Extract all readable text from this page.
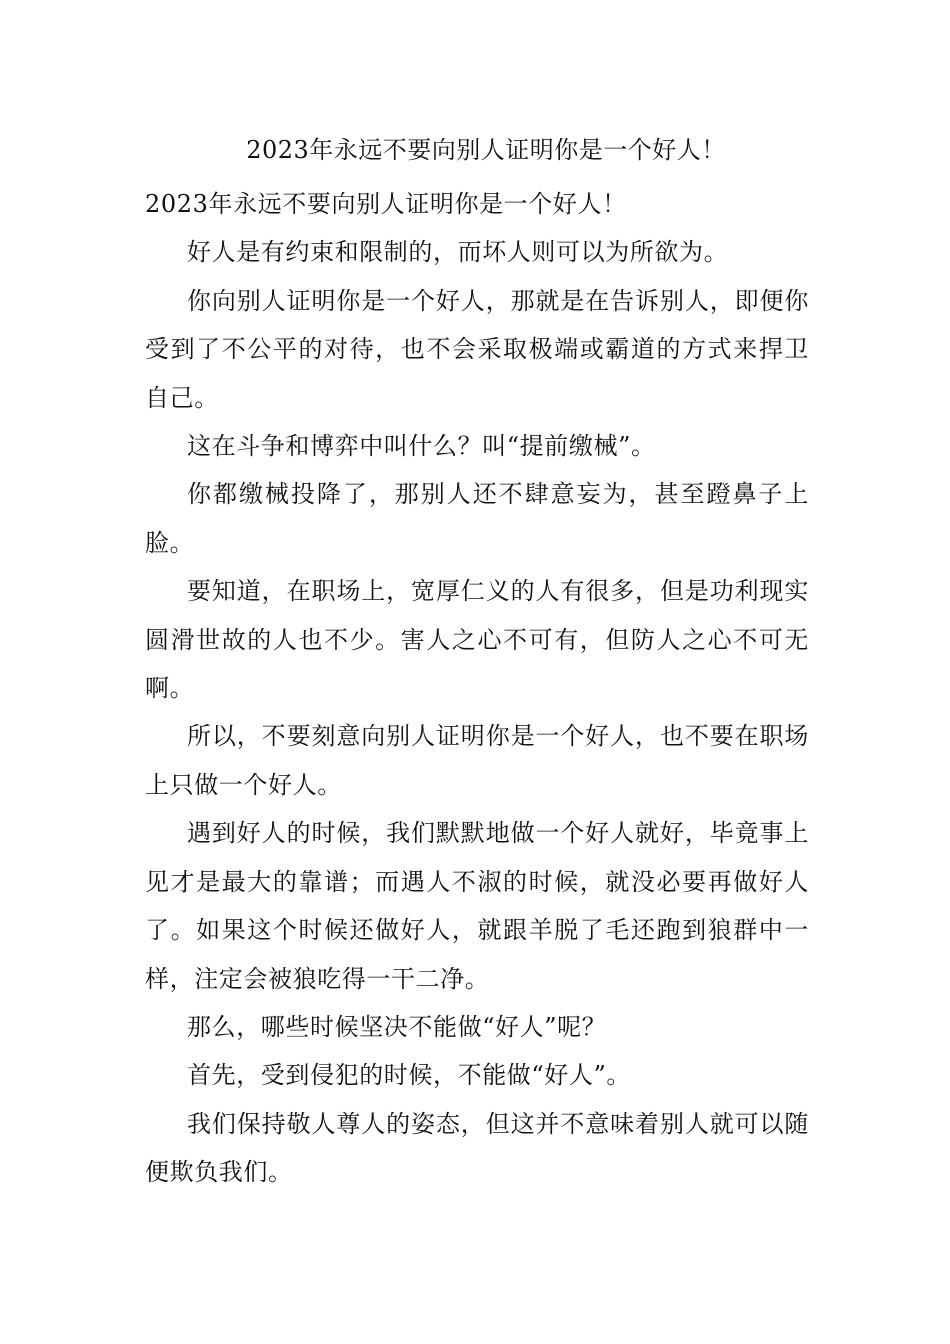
2023年永远不要向别人证明你是一个好人！

2023年永远不要向别人证明你是一个好人！

好人是有约束和限制的，而坏人则可以为所欲为。

你向别人证明你是一个好人，那就是在告诉别人，即便你受到了不公平的对待，也不会采取极端或霸道的方式来捍卫自己。

这在斗争和博弈中叫什么？叫“提前缴械”。

你都缴械投降了，那别人还不肆意妄为，甚至蹬鼻子上脸。

要知道，在职场上，宽厚仁义的人有很多，但是功利现实圆滑世故的人也不少。害人之心不可有，但防人之心不可无啊。

所以，不要刻意向别人证明你是一个好人，也不要在职场上只做一个好人。

遇到好人的时候，我们默默地做一个好人就好，毕竟事上见才是最大的靠谱；而遇人不淑的时候，就没必要再做好人了。如果这个时候还做好人，就跟羊脱了毛还跑到狼群中一样，注定会被狼吃得一干二净。

那么，哪些时候坚决不能做“好人”呢？

首先，受到侵犯的时候，不能做“好人”。

我们保持敬人尊人的姿态，但这并不意味着别人就可以随便欺负我们。
